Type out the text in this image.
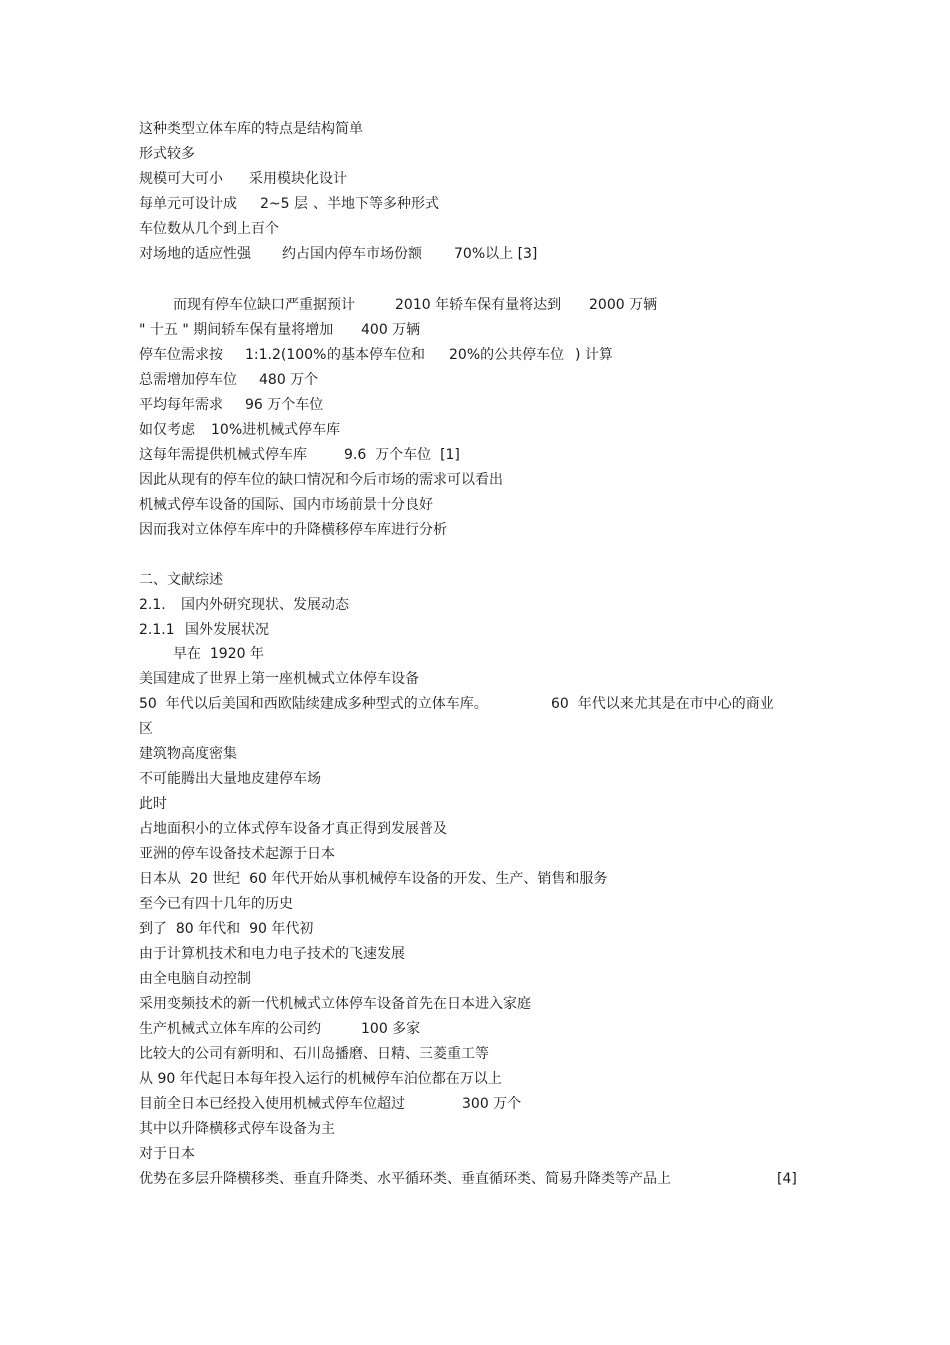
这种类型立体车库的特点是结构简单
形式较多

规模可大可小

采用模块化设计

每单元可设计成

2~5 层

、半地下等多种形式

车位数从几个到上百个

对场地的适应性强

约占国内停车市场份额

70%以上 [3]

而现有停车位缺口严重据预计

	2010 年轿车保有量将达到

2000 万辆

" 十五 " 期间轿车保有量将增加

400 万辆

停车位需求按

1:1.2(100%

的基本停车位和

20%的公共停车位

) 计算

总需增加停车位

480 万个

平均每年需求

96 万个车位

如仅考虑

10%进机械式停车库

这每年需提供机械式停车库

	9.6  万个车位  [1]

因此从现有的停车位的缺口情况和今后市场的需求可以看出
机械式停车设备的国际、国内市场前景十分良好
因而我对立体停车库中的升降横移停车库进行分析
二、文献综述

2.1.

国内外研究现状、发展动态

2.1.1

国外发展状况

早在  1920 年
美国建成了世界上第一座机械式立体停车设备

50  年代以后美国和西欧陆续建成多种型式的立体车库。

	60  年代以来尤其是在市中心的商业

区
建筑物高度密集
不可能腾出大量地皮建停车场
此时
占地面积小的立体式停车设备才真正得到发展普及
亚洲的停车设备技术起源于日本
日本从  20 世纪  60 年代开始从事机械停车设备的开发、生产、销售和服务
至今已有四十几年的历史
到了  80 年代和  90 年代初
由于计算机技术和电力电子技术的飞速发展
由全电脑自动控制
采用变频技术的新一代机械式立体停车设备首先在日本进入家庭

生产机械式立体车库的公司约

	100 多家

比较大的公司有新明和、石川岛播磨、日精、三菱重工等
从 90 年代起日本每年投入运行的机械停车泊位都在万以上

目前全日本已经投入使用机械式停车位超过

	300 万个

其中以升降横移式停车设备为主
对于日本

优势在多层升降横移类、垂直升降类、水平循环类、垂直循环类、简易升降类等产品上

	[4]
